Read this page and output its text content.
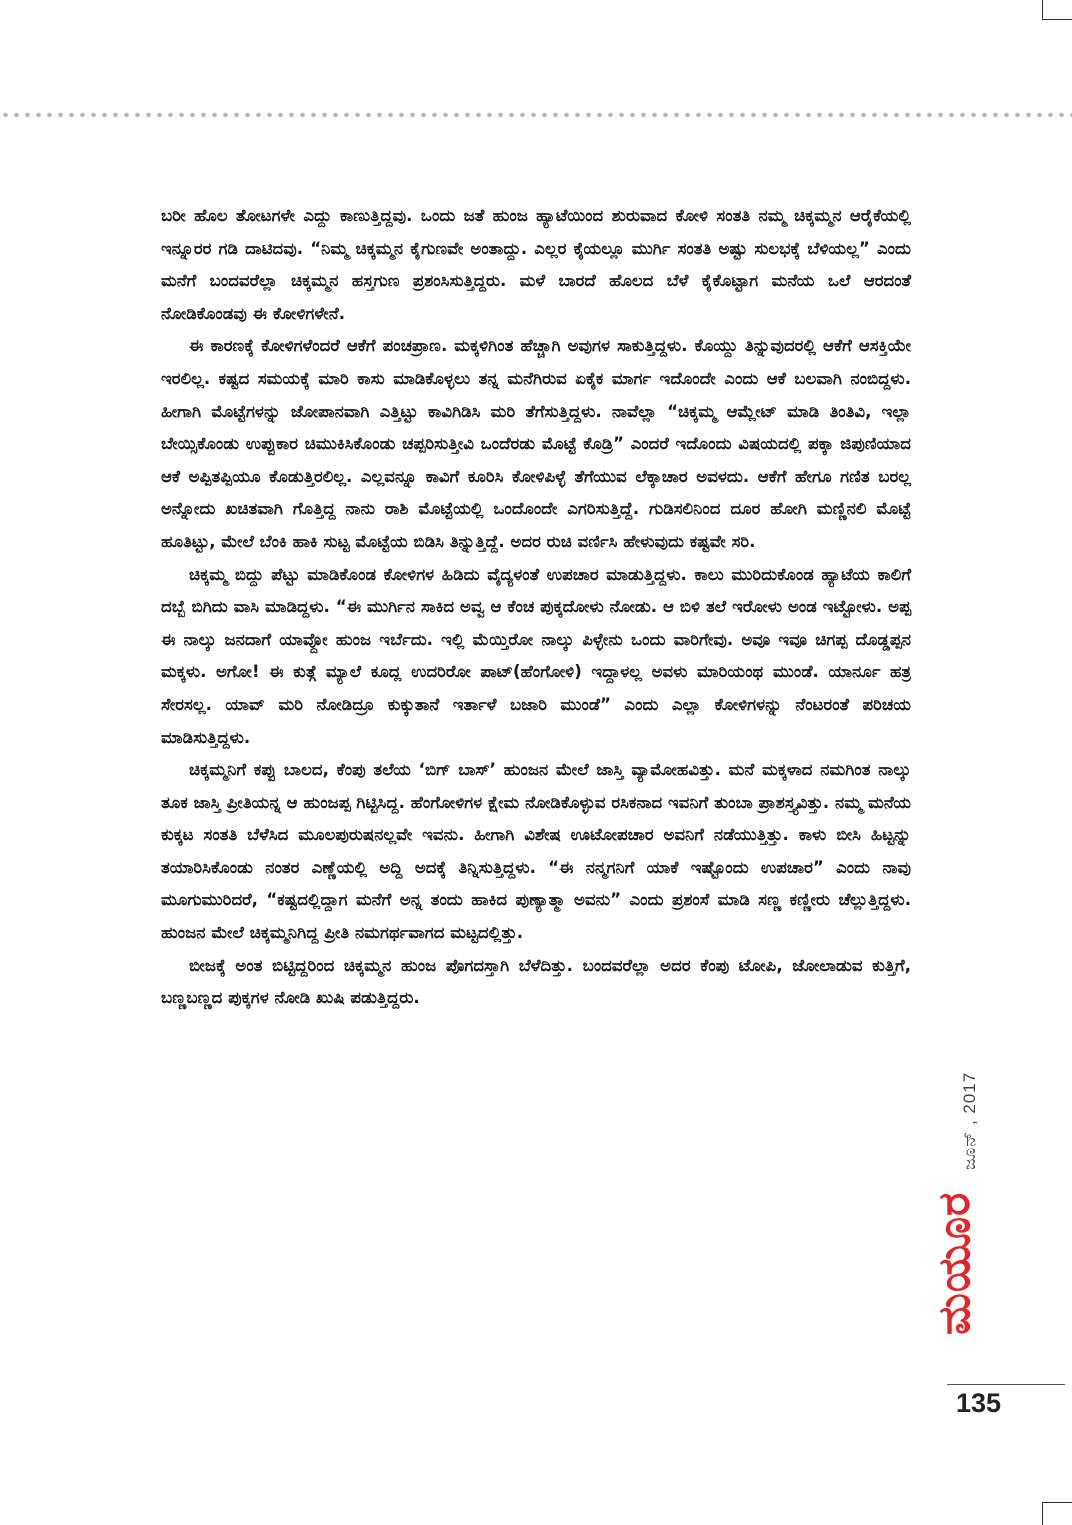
ಬರೀ ಹೊಲ ತೋಟಗಳೇ ಎದ್ದು ಕಾಣುತ್ತಿದ್ದವು. ಒಂದು ಜತೆ ಹುಂಜ ಹ್ಯಾಟೆಯಿಂದ ಶುರುವಾದ ಕೋಳಿ ಸಂತತಿ ನಮ್ಮ ಚಿಕ್ಕಮ್ಮನ ಆರೈಕೆಯಲ್ಲಿ ಇನ್ನೂರರ ಗಡಿ ದಾಟಿದವು. “ನಿಮ್ಮ ಚಿಕ್ಕಮ್ಮನ ಕೈಗುಣವೇ ಅಂತಾದ್ದು. ಎಲ್ಲರ ಕೈಯಲ್ಲೂ ಮುರ್ಗಿ ಸಂತತಿ ಅಷ್ಟು ಸುಲಭಕ್ಕೆ ಬೆಳಿಯಲ್ಲ” ಎಂದು ಮನೆಗೆ ಬಂದವರೆಲ್ಲಾ ಚಿಕ್ಕಮ್ಮನ ಹಸ್ತಗುಣ ಪ್ರಶಂಸಿಸುತ್ತಿದ್ದರು. ಮಳೆ ಬಾರದೆ ಹೊಲದ ಬೆಳೆ ಕೈಕೊಟ್ಟಾಗ ಮನೆಯ ಒಲೆ ಆರದಂತೆ ನೋಡಿಕೊಂಡವು ಈ ಕೋಳಿಗಳೇನೆ.

ಈ ಕಾರಣಕ್ಕೆ ಕೋಳಿಗಳೆಂದರೆ ಆಕೆಗೆ ಪಂಚಪ್ರಾಣ. ಮಕ್ಕಳಿಗಿಂತ ಹೆಚ್ಚಾಗಿ ಅವುಗಳ ಸಾಕುತ್ತಿದ್ದಳು. ಕೊಯ್ದು ತಿನ್ನುವುದರಲ್ಲಿ ಆಕೆಗೆ ಆಸಕ್ತಿಯೇ ಇರಲಿಲ್ಲ. ಕಷ್ಟದ ಸಮಯಕ್ಕೆ ಮಾರಿ ಕಾಸು ಮಾಡಿಕೊಳ್ಳಲು ತನ್ನ ಮನೆಗಿರುವ ಏಕೈಕ ಮಾರ್ಗ ಇದೊಂದೇ ಎಂದು ಆಕೆ ಬಲವಾಗಿ ನಂಬಿದ್ದಳು. ಹೀಗಾಗಿ ಮೊಟ್ಟೆಗಳನ್ನು ಜೋಪಾನವಾಗಿ ಎತ್ತಿಟ್ಟು ಕಾವಿಗಿಡಿಸಿ ಮರಿ ತೆಗೆಸುತ್ತಿದ್ದಳು. ನಾವೆಲ್ಲಾ “ಚಿಕ್ಕಮ್ಮ ಆಮ್ಲೇಟ್ ಮಾಡಿ ತಿಂತಿವಿ, ಇಲ್ಲಾ ಬೇಯ್ಸಿಕೊಂಡು ಉಪ್ಪುಕಾರ ಚಿಮುಕಿಸಿಕೊಂಡು ಚಪ್ಪರಿಸುತ್ತೀವಿ ಒಂದೆರಡು ಮೊಟ್ಟೆ ಕೊಡ್ರಿ” ಎಂದರೆ ಇದೊಂದು ವಿಷಯದಲ್ಲಿ ಪಕ್ಕಾ ಜಿಪುಣಿಯಾದ ಆಕೆ ಅಪ್ಪಿತಪ್ಪಿಯೂ ಕೊಡುತ್ತಿರಲಿಲ್ಲ. ಎಲ್ಲವನ್ನೂ ಕಾವಿಗೆ ಕೂರಿಸಿ ಕೋಳಿಪಿಳ್ಳೆ ತೆಗೆಯುವ ಲೆಕ್ಕಾಚಾರ ಅವಳದು. ಆಕೆಗೆ ಹೇಗೂ ಗಣಿತ ಬರಲ್ಲ ಅನ್ನೋದು ಖಚಿತವಾಗಿ ಗೊತ್ತಿದ್ದ ನಾನು ರಾಶಿ ಮೊಟ್ಟೆಯಲ್ಲಿ ಒಂದೊಂದೇ ಎಗರಿಸುತ್ತಿದ್ದೆ. ಗುಡಿಸಲಿನಿಂದ ದೂರ ಹೋಗಿ ಮಣ್ಣಿನಲಿ ಮೊಟ್ಟೆ ಹೂತಿಟ್ಟು, ಮೇಲೆ ಬೆಂಕಿ ಹಾಕಿ ಸುಟ್ಟ ಮೊಟ್ಟೆಯ ಬಿಡಿಸಿ ತಿನ್ನುತ್ತಿದ್ದೆ. ಅದರ ರುಚಿ ವರ್ಣಿಸಿ ಹೇಳುವುದು ಕಷ್ಟವೇ ಸರಿ.

ಚಿಕ್ಕಮ್ಮ ಬಿದ್ದು ಪೆಟ್ಟು ಮಾಡಿಕೊಂಡ ಕೋಳಿಗಳ ಹಿಡಿದು ವೈದ್ಯಳಂತೆ ಉಪಚಾರ ಮಾಡುತ್ತಿದ್ದಳು. ಕಾಲು ಮುರಿದುಕೊಂಡ ಹ್ಯಾಟೆಯ ಕಾಲಿಗೆ ದಬ್ಬೆ ಬಿಗಿದು ವಾಸಿ ಮಾಡಿದ್ದಳು. “ಈ ಮುರ್ಗಿನ ಸಾಕಿದ ಅವ್ವ ಆ ಕೆಂಚ ಪುಕ್ಕದೋಳು ನೋಡು. ಆ ಬಿಳಿ ತಲೆ ಇರೋಳು ಅಂಡ ಇಟ್ಟೋಳು. ಅಪ್ಪ ಈ ನಾಲ್ಕು ಜನದಾಗೆ ಯಾವ್ದೋ ಹುಂಜ ಇರ್ಬೆದು. ಇಲ್ಲಿ ಮೆಯ್ತಿರೋ ನಾಲ್ಕು ಪಿಳ್ಳೇನು ಒಂದು ವಾರಿಗೇವು. ಅವೂ ಇವೂ ಚಿಗಪ್ಪ ದೊಡ್ಡಪ್ಪನ ಮಕ್ಕಳು. ಅಗೋ! ಈ ಕುತ್ಗೆ ಮ್ಯಾಲೆ ಕೂದ್ಲ ಉದರಿರೋ ಪಾಟ್(ಹೆಂಗೋಳಿ) ಇದ್ದಾಳಲ್ಲ ಅವಳು ಮಾರಿಯಂಥ ಮುಂಡೆ. ಯಾರ್ನೂ ಹತ್ರ ಸೇರಸಲ್ಲ. ಯಾವ್ ಮರಿ ನೋಡಿದ್ರೂ ಕುಕ್ಕುತಾನೆ ಇರ್ತಾಳೆ ಬಜಾರಿ ಮುಂಡೆ” ಎಂದು ಎಲ್ಲಾ ಕೋಳಿಗಳನ್ನು ನೆಂಟರಂತೆ ಪರಿಚಯ ಮಾಡಿಸುತ್ತಿದ್ದಳು.

ಚಿಕ್ಕಮ್ಮನಿಗೆ ಕಪ್ಪು ಬಾಲದ, ಕೆಂಪು ತಲೆಯ ‘ಬಿಗ್ ಬಾಸ್’ ಹುಂಜನ ಮೇಲೆ ಜಾಸ್ತಿ ವ್ಯಾಮೋಹವಿತ್ತು. ಮನೆ ಮಕ್ಕಳಾದ ನಮಗಿಂತ ನಾಲ್ಕು ತೂಕ ಜಾಸ್ತಿ ಪ್ರೀತಿಯನ್ನ ಆ ಹುಂಜಪ್ಪ ಗಿಟ್ಟಿಸಿದ್ದ. ಹೆಂಗೋಳಿಗಳ ಕ್ಷೇಮ ನೋಡಿಕೊಳ್ಳುವ ರಸಿಕನಾದ ಇವನಿಗೆ ತುಂಬಾ ಪ್ರಾಶಸ್ತ್ಯವಿತ್ತು. ನಮ್ಮ ಮನೆಯ ಕುಕ್ಕಟ ಸಂತತಿ ಬೆಳೆಸಿದ ಮೂಲಪುರುಷನಲ್ಲವೇ ಇವನು. ಹೀಗಾಗಿ ವಿಶೇಷ ಊಟೋಪಚಾರ ಅವನಿಗೆ ನಡೆಯುತ್ತಿತ್ತು. ಕಾಳು ಬೀಸಿ ಹಿಟ್ಟನ್ನು ತಯಾರಿಸಿಕೊಂಡು ನಂತರ ಎಣ್ಣೆಯಲ್ಲಿ ಅದ್ದಿ ಅದಕ್ಕೆ ತಿನ್ನಿಸುತ್ತಿದ್ದಳು. “ಈ ನನ್ಮಗನಿಗೆ ಯಾಕೆ ಇಷ್ಟೊಂದು ಉಪಚಾರ” ಎಂದು ನಾವು ಮೂಗುಮುರಿದರೆ, “ಕಷ್ಟದಲ್ಲಿದ್ದಾಗ ಮನೆಗೆ ಅನ್ನ ತಂದು ಹಾಕಿದ ಪುಣ್ಯಾತ್ಮಾ ಅವನು” ಎಂದು ಪ್ರಶಂಸೆ ಮಾಡಿ ಸಣ್ಣ ಕಣ್ಣೀರು ಚೆಲ್ಲುತ್ತಿದ್ದಳು. ಹುಂಜನ ಮೇಲೆ ಚಿಕ್ಕಮ್ಮನಿಗಿದ್ದ ಪ್ರೀತಿ ನಮಗರ್ಥವಾಗದ ಮಟ್ಟದಲ್ಲಿತ್ತು.

ಬೀಜಕ್ಕೆ ಅಂತ ಬಿಟ್ಟಿದ್ದರಿಂದ ಚಿಕ್ಕಮ್ಮನ ಹುಂಜ ಪೊಗದಸ್ತಾಗಿ ಬೆಳೆದಿತ್ತು. ಬಂದವರೆಲ್ಲಾ ಅದರ ಕೆಂಪು ಟೋಪಿ, ಜೋಲಾಡುವ ಕುತ್ತಿಗೆ, ಬಣ್ಣಬಣ್ಣದ ಪುಕ್ಕಗಳ ನೋಡಿ ಖುಷಿ ಪಡುತ್ತಿದ್ದರು.

ಜೂನ್ , 2017
ಮಯೂರ
135
